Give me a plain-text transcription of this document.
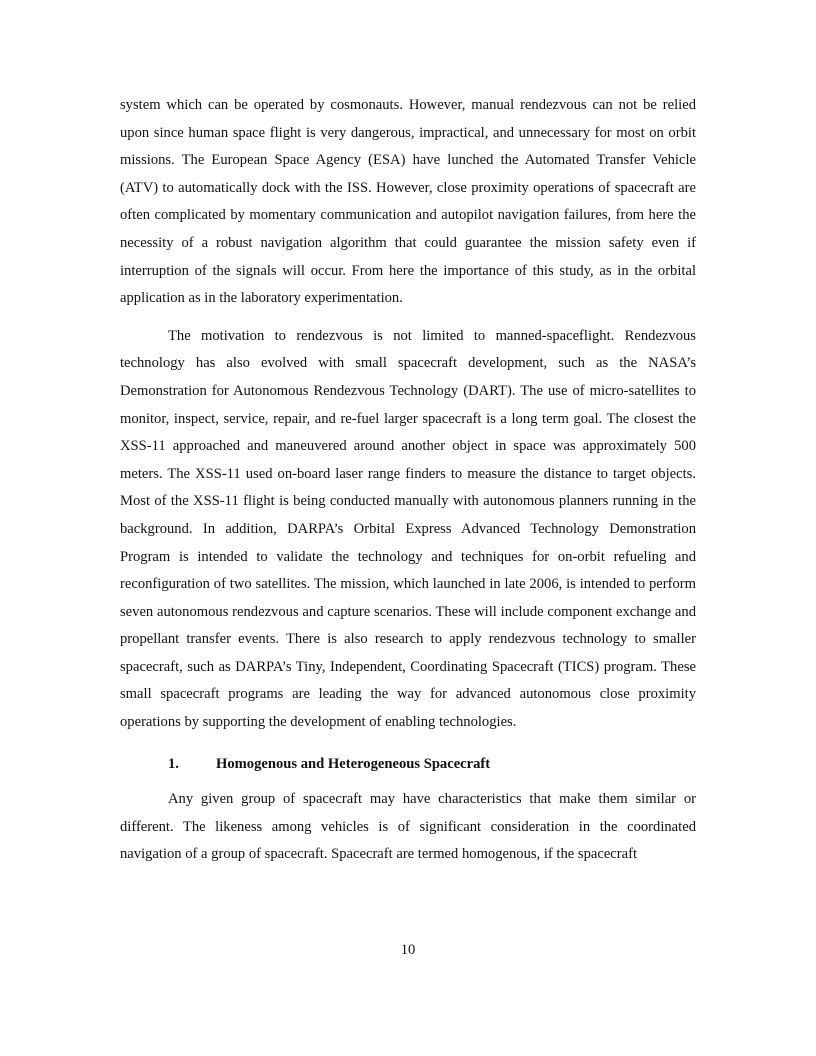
system which can be operated by cosmonauts. However, manual rendezvous can not be relied upon since human space flight is very dangerous, impractical, and unnecessary for most on orbit missions. The European Space Agency (ESA) have lunched the Automated Transfer Vehicle (ATV) to automatically dock with the ISS. However, close proximity operations of spacecraft are often complicated by momentary communication and autopilot navigation failures, from here the necessity of a robust navigation algorithm that could guarantee the mission safety even if interruption of the signals will occur. From here the importance of this study, as in the orbital application as in the laboratory experimentation.

The motivation to rendezvous is not limited to manned-spaceflight. Rendezvous technology has also evolved with small spacecraft development, such as the NASA’s Demonstration for Autonomous Rendezvous Technology (DART). The use of micro-satellites to monitor, inspect, service, repair, and re-fuel larger spacecraft is a long term goal. The closest the XSS-11 approached and maneuvered around another object in space was approximately 500 meters. The XSS-11 used on-board laser range finders to measure the distance to target objects. Most of the XSS-11 flight is being conducted manually with autonomous planners running in the background. In addition, DARPA’s Orbital Express Advanced Technology Demonstration Program is intended to validate the technology and techniques for on-orbit refueling and reconfiguration of two satellites. The mission, which launched in late 2006, is intended to perform seven autonomous rendezvous and capture scenarios. These will include component exchange and propellant transfer events. There is also research to apply rendezvous technology to smaller spacecraft, such as DARPA’s Tiny, Independent, Coordinating Spacecraft (TICS) program. These small spacecraft programs are leading the way for advanced autonomous close proximity operations by supporting the development of enabling technologies.

1.	Homogenous and Heterogeneous Spacecraft

Any given group of spacecraft may have characteristics that make them similar or different. The likeness among vehicles is of significant consideration in the coordinated navigation of a group of spacecraft. Spacecraft are termed homogenous, if the spacecraft

10
